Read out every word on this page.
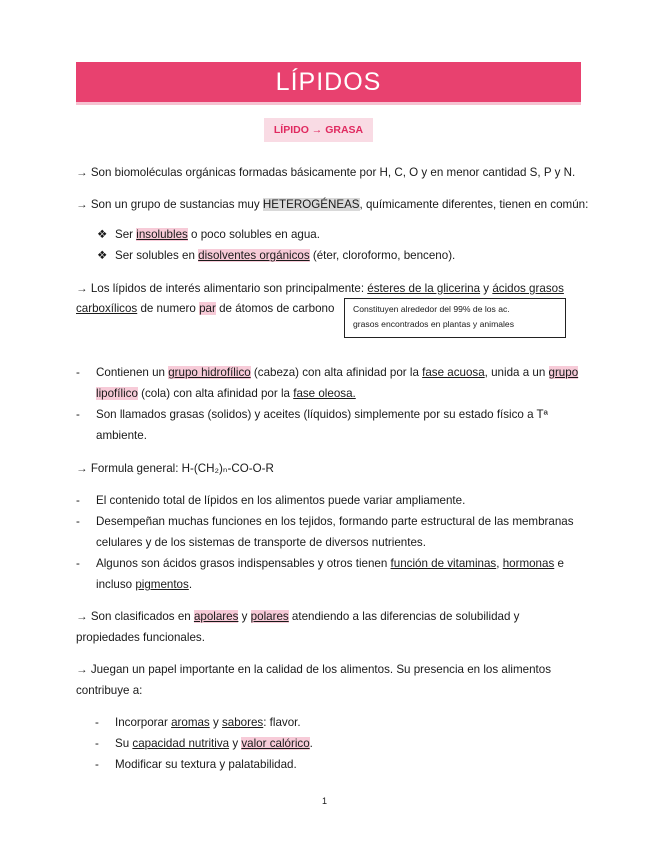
LÍPIDOS
LÍPIDO → GRASA
→ Son biomoléculas orgánicas formadas básicamente por H, C, O y en menor cantidad S, P y N.
→ Son un grupo de sustancias muy HETEROGÉNEAS, químicamente diferentes, tienen en común:
❖ Ser insolubles o poco solubles en agua.
❖ Ser solubles en disolventes orgánicos (éter, cloroformo, benceno).
→ Los lípidos de interés alimentario son principalmente: ésteres de la glicerina y ácidos grasos
carboxílicos de numero par de átomos de carbono Constituyen alrededor del 99% de los ac.
grasos encontrados en plantas y animales
- Contienen un grupo hidrofílico (cabeza) con alta afinidad por la fase acuosa, unida a un grupo
lipofílico (cola) con alta afinidad por la fase oleosa.
- Son llamados grasas (solidos) y aceites (líquidos) simplemente por su estado físico a Tª
ambiente.
→ Formula general: H-(CH₂)ₙ-CO-O-R
- El contenido total de lípidos en los alimentos puede variar ampliamente.
- Desempeñan muchas funciones en los tejidos, formando parte estructural de las membranas
celulares y de los sistemas de transporte de diversos nutrientes.
- Algunos son ácidos grasos indispensables y otros tienen función de vitaminas, hormonas e
incluso pigmentos.
→ Son clasificados en apolares y polares atendiendo a las diferencias de solubilidad y
propiedades funcionales.
→ Juegan un papel importante en la calidad de los alimentos. Su presencia en los alimentos
contribuye a:
- Incorporar aromas y sabores: flavor.
- Su capacidad nutritiva y valor calórico.
- Modificar su textura y palatabilidad.
1
